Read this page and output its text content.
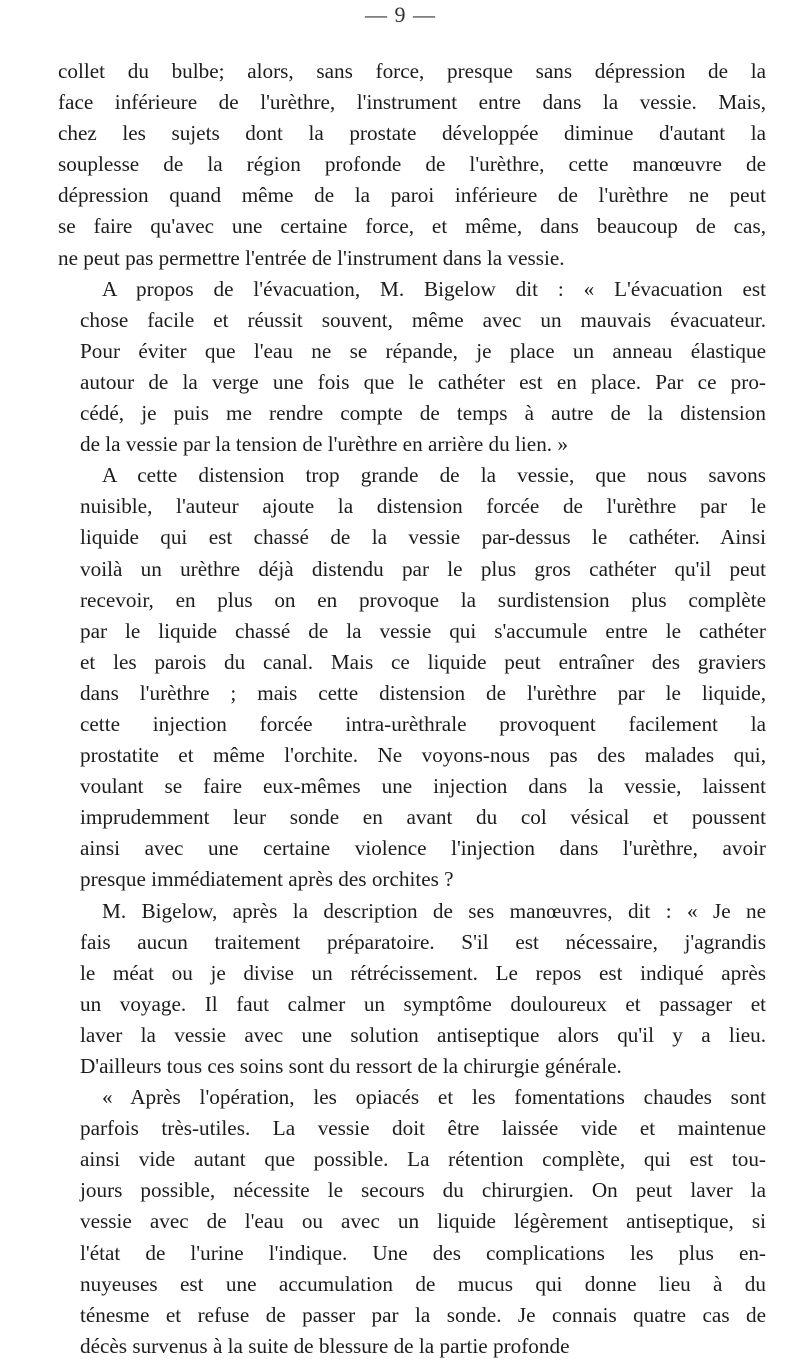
— 9 —
collet du bulbe; alors, sans force, presque sans dépression de la
face inférieure de l'urèthre, l'instrument entre dans la vessie. Mais,
chez les sujets dont la prostate développée diminue d'autant la
souplesse de la région profonde de l'urèthre, cette manœuvre de
dépression quand même de la paroi inférieure de l'urèthre ne peut
se faire qu'avec une certaine force, et même, dans beaucoup de cas,
ne peut pas permettre l'entrée de l'instrument dans la vessie.
A propos de l'évacuation, M. Bigelow dit : « L'évacuation est
chose facile et réussit souvent, même avec un mauvais évacuateur.
Pour éviter que l'eau ne se répande, je place un anneau élastique
autour de la verge une fois que le cathéter est en place. Par ce pro-
cédé, je puis me rendre compte de temps à autre de la distension
de la vessie par la tension de l'urèthre en arrière du lien. »
A cette distension trop grande de la vessie, que nous savons
nuisible, l'auteur ajoute la distension forcée de l'urèthre par le
liquide qui est chassé de la vessie par-dessus le cathéter. Ainsi
voilà un urèthre déjà distendu par le plus gros cathéter qu'il peut
recevoir, en plus on en provoque la surdistension plus complète
par le liquide chassé de la vessie qui s'accumule entre le cathéter
et les parois du canal. Mais ce liquide peut entraîner des graviers
dans l'urèthre ; mais cette distension de l'urèthre par le liquide,
cette injection forcée intra-urèthrale provoquent facilement la
prostatite et même l'orchite. Ne voyons-nous pas des malades qui,
voulant se faire eux-mêmes une injection dans la vessie, laissent
imprudemment leur sonde en avant du col vésical et poussent
ainsi avec une certaine violence l'injection dans l'urèthre, avoir
presque immédiatement après des orchites ?
M. Bigelow, après la description de ses manœuvres, dit : « Je ne
fais aucun traitement préparatoire. S'il est nécessaire, j'agrandis
le méat ou je divise un rétrécissement. Le repos est indiqué après
un voyage. Il faut calmer un symptôme douloureux et passager et
laver la vessie avec une solution antiseptique alors qu'il y a lieu.
D'ailleurs tous ces soins sont du ressort de la chirurgie générale.
« Après l'opération, les opiacés et les fomentations chaudes sont
parfois très-utiles. La vessie doit être laissée vide et maintenue
ainsi vide autant que possible. La rétention complète, qui est tou-
jours possible, nécessite le secours du chirurgien. On peut laver la
vessie avec de l'eau ou avec un liquide légèrement antiseptique, si
l'état de l'urine l'indique. Une des complications les plus en-
nuyeuses est une accumulation de mucus qui donne lieu à du
ténesme et refuse de passer par la sonde. Je connais quatre cas de
décès survenus à la suite de blessure de la partie profonde
